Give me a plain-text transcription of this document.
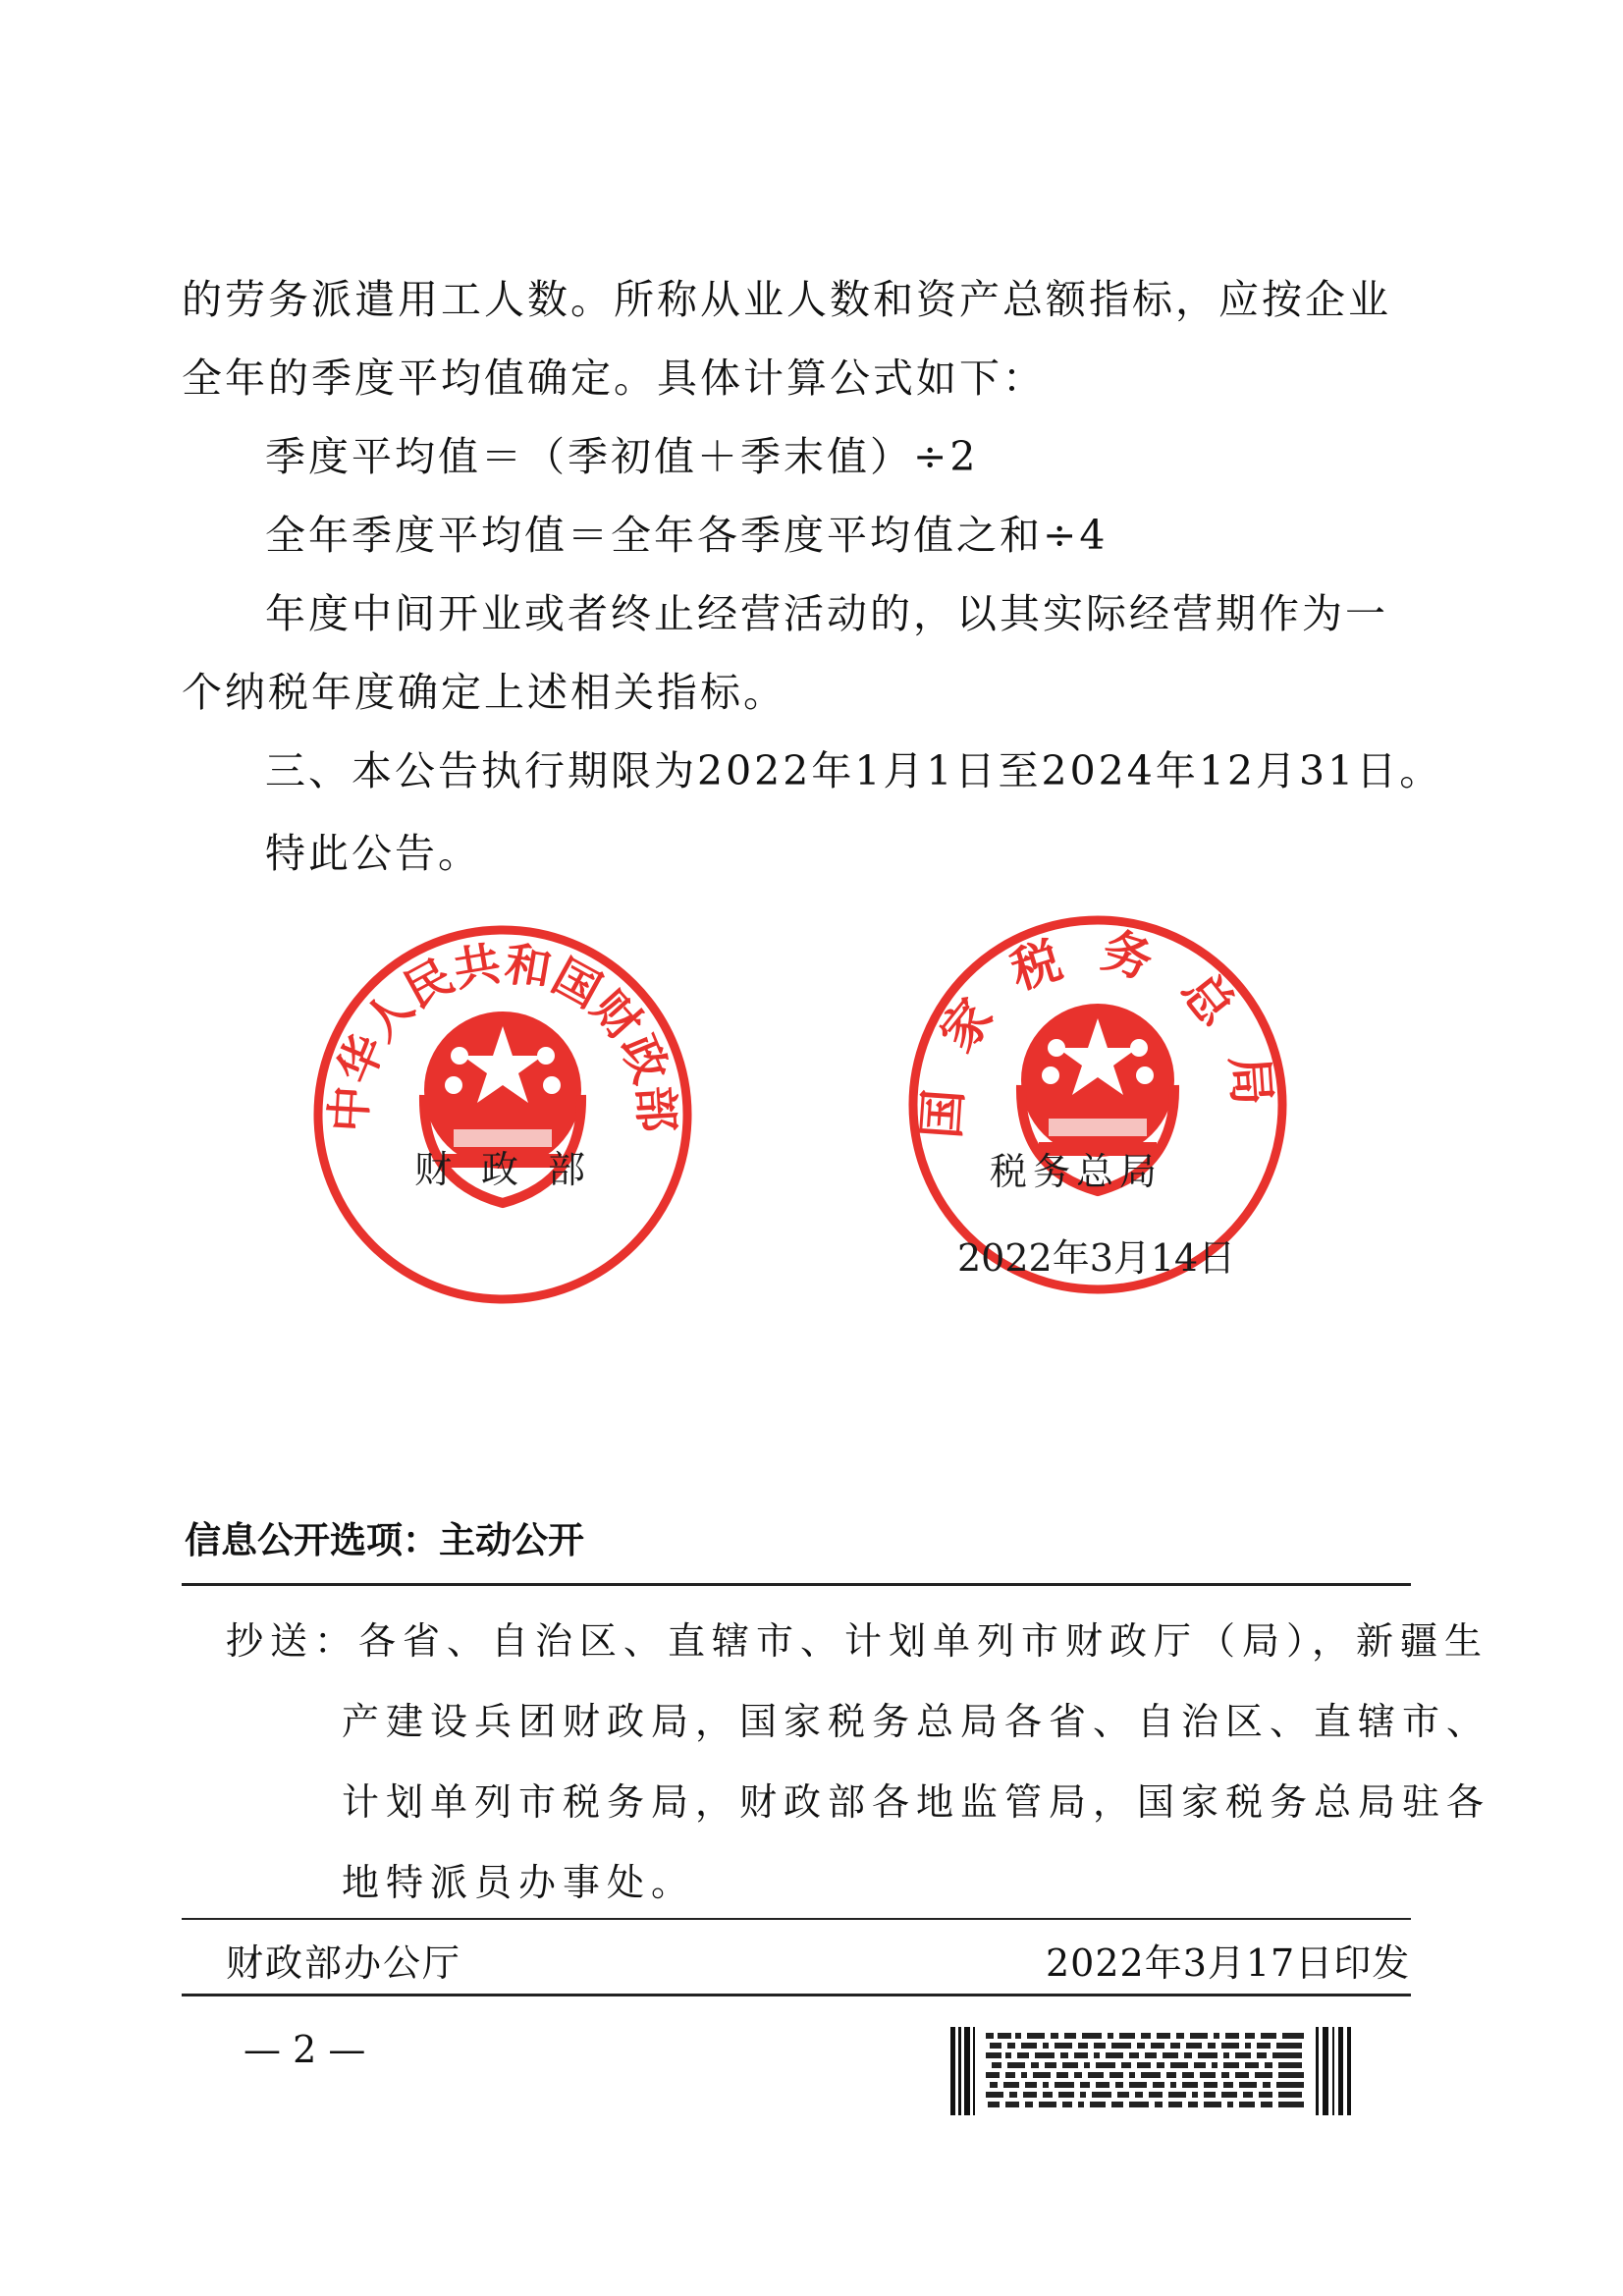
的劳务派遣用工人数。所称从业人数和资产总额指标，应按企业
全年的季度平均值确定。具体计算公式如下：
季度平均值＝（季初值＋季末值）÷2
全年季度平均值＝全年各季度平均值之和÷4
年度中间开业或者终止经营活动的，以其实际经营期作为一
个纳税年度确定上述相关指标。
三、本公告执行期限为2022年1月1日至2024年12月31日。
特此公告。
中华人民共和国财政部
财政部
国家税务总局
税务总局
2022年3月14日
信息公开选项：主动公开
抄送：各省、自治区、直辖市、计划单列市财政厅（局），新疆生
产建设兵团财政局，国家税务总局各省、自治区、直辖市、
计划单列市税务局，财政部各地监管局，国家税务总局驻各
地特派员办事处。
财政部办公厅	2022年3月17日印发
— 2 —
